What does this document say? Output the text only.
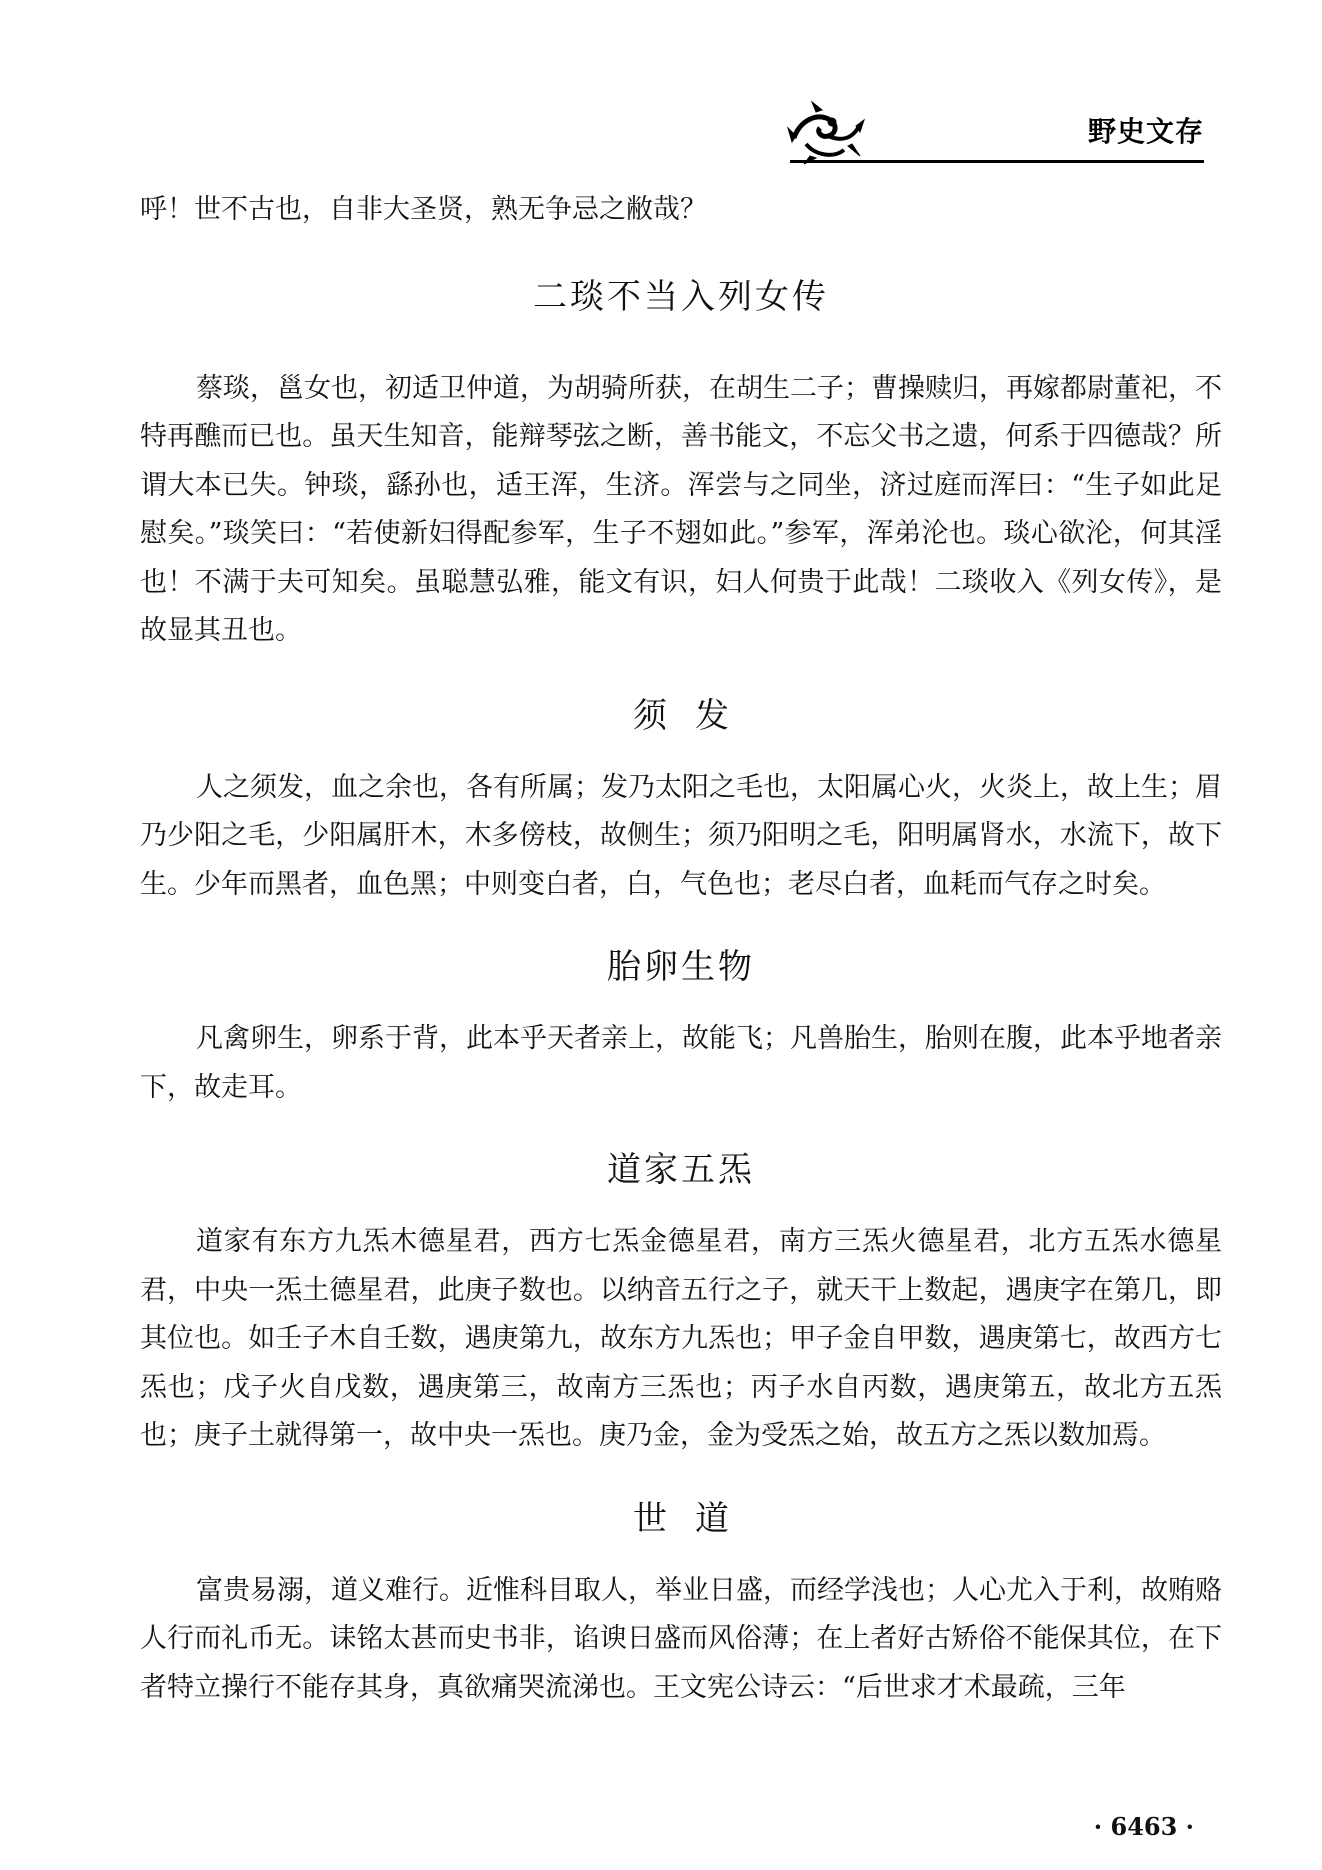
野史文存

呼！世不古也，自非大圣贤，熟无争忌之敝哉？

二琰不当入列女传

蔡琰，邕女也，初适卫仲道，为胡骑所获，在胡生二子；曹操赎归，再嫁都尉董祀，不特再醮而已也。虽天生知音，能辩琴弦之断，善书能文，不忘父书之遗，何系于四德哉？所谓大本已失。钟琰，繇孙也，适王浑，生济。浑尝与之同坐，济过庭而浑曰：“生子如此足慰矣。”琰笑曰：“若使新妇得配参军，生子不翅如此。”参军，浑弟沦也。琰心欲沦，何其淫也！不满于夫可知矣。虽聪慧弘雅，能文有识，妇人何贵于此哉！二琰收入《列女传》，是故显其丑也。

须发

人之须发，血之余也，各有所属；发乃太阳之毛也，太阳属心火，火炎上，故上生；眉乃少阳之毛，少阳属肝木，木多傍枝，故侧生；须乃阳明之毛，阳明属肾水，水流下，故下生。少年而黑者，血色黑；中则变白者，白，气色也；老尽白者，血耗而气存之时矣。

胎卵生物

凡禽卵生，卵系于背，此本乎天者亲上，故能飞；凡兽胎生，胎则在腹，此本乎地者亲下，故走耳。

道家五炁

道家有东方九炁木德星君，西方七炁金德星君，南方三炁火德星君，北方五炁水德星君，中央一炁土德星君，此庚子数也。以纳音五行之子，就天干上数起，遇庚字在第几，即其位也。如壬子木自壬数，遇庚第九，故东方九炁也；甲子金自甲数，遇庚第七，故西方七炁也；戊子火自戊数，遇庚第三，故南方三炁也；丙子水自丙数，遇庚第五，故北方五炁也；庚子土就得第一，故中央一炁也。庚乃金，金为受炁之始，故五方之炁以数加焉。

世道

富贵易溺，道义难行。近惟科目取人，举业日盛，而经学浅也；人心尤入于利，故贿赂人行而礼币无。诔铭太甚而史书非，谄谀日盛而风俗薄；在上者好古矫俗不能保其位，在下者特立操行不能存其身，真欲痛哭流涕也。王文宪公诗云：“后世求才术最疏，三年

· 6463 ·
